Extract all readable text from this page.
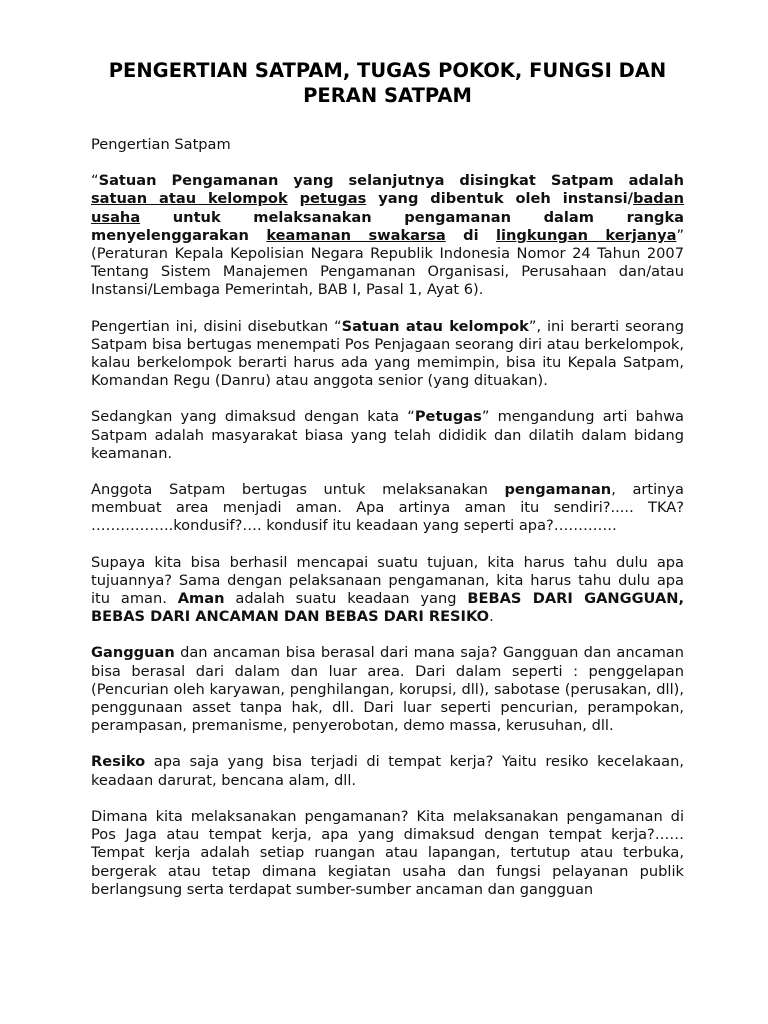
PENGERTIAN SATPAM, TUGAS POKOK, FUNGSI DAN PERAN SATPAM
Pengertian Satpam

“Satuan Pengamanan yang selanjutnya disingkat Satpam adalah satuan atau kelompok petugas yang dibentuk oleh instansi/badan usaha untuk melaksanakan pengamanan dalam rangka menyelenggarakan keamanan swakarsa di lingkungan kerjanya” (Peraturan Kepala Kepolisian Negara Republik Indonesia Nomor 24 Tahun 2007 Tentang Sistem Manajemen Pengamanan Organisasi, Perusahaan dan/atau Instansi/Lembaga Pemerintah, BAB I, Pasal 1, Ayat 6).

Pengertian ini, disini disebutkan “Satuan atau kelompok”, ini berarti seorang Satpam bisa bertugas menempati Pos Penjagaan seorang diri atau berkelompok, kalau berkelompok berarti harus ada yang memimpin, bisa itu Kepala Satpam, Komandan Regu (Danru) atau anggota senior (yang dituakan).

Sedangkan yang dimaksud dengan kata “Petugas” mengandung arti bahwa Satpam adalah masyarakat biasa yang telah dididik dan dilatih dalam bidang keamanan.

Anggota Satpam bertugas untuk melaksanakan pengamanan, artinya membuat area menjadi aman. Apa artinya aman itu sendiri?..... TKA? ……………..kondusif?…. kondusif itu keadaan yang seperti apa?………….

Supaya kita bisa berhasil mencapai suatu tujuan, kita harus tahu dulu apa tujuannya? Sama dengan pelaksanaan pengamanan, kita harus tahu dulu apa itu aman. Aman adalah suatu keadaan yang BEBAS DARI GANGGUAN, BEBAS DARI ANCAMAN DAN BEBAS DARI RESIKO.

Gangguan dan ancaman bisa berasal dari mana saja? Gangguan dan ancaman bisa berasal dari dalam dan luar area. Dari dalam seperti : penggelapan (Pencurian oleh karyawan, penghilangan, korupsi, dll), sabotase (perusakan, dll), penggunaan asset tanpa hak, dll. Dari luar seperti pencurian, perampokan, perampasan, premanisme, penyerobotan, demo massa, kerusuhan, dll.

Resiko apa saja yang bisa terjadi di tempat kerja? Yaitu resiko kecelakaan, keadaan darurat, bencana alam, dll.

Dimana kita melaksanakan pengamanan? Kita melaksanakan pengamanan di Pos Jaga atau tempat kerja, apa yang dimaksud dengan tempat kerja?……Tempat kerja adalah setiap ruangan atau lapangan, tertutup atau terbuka, bergerak atau tetap dimana kegiatan usaha dan fungsi pelayanan publik berlangsung serta terdapat sumber-sumber ancaman dan gangguan
